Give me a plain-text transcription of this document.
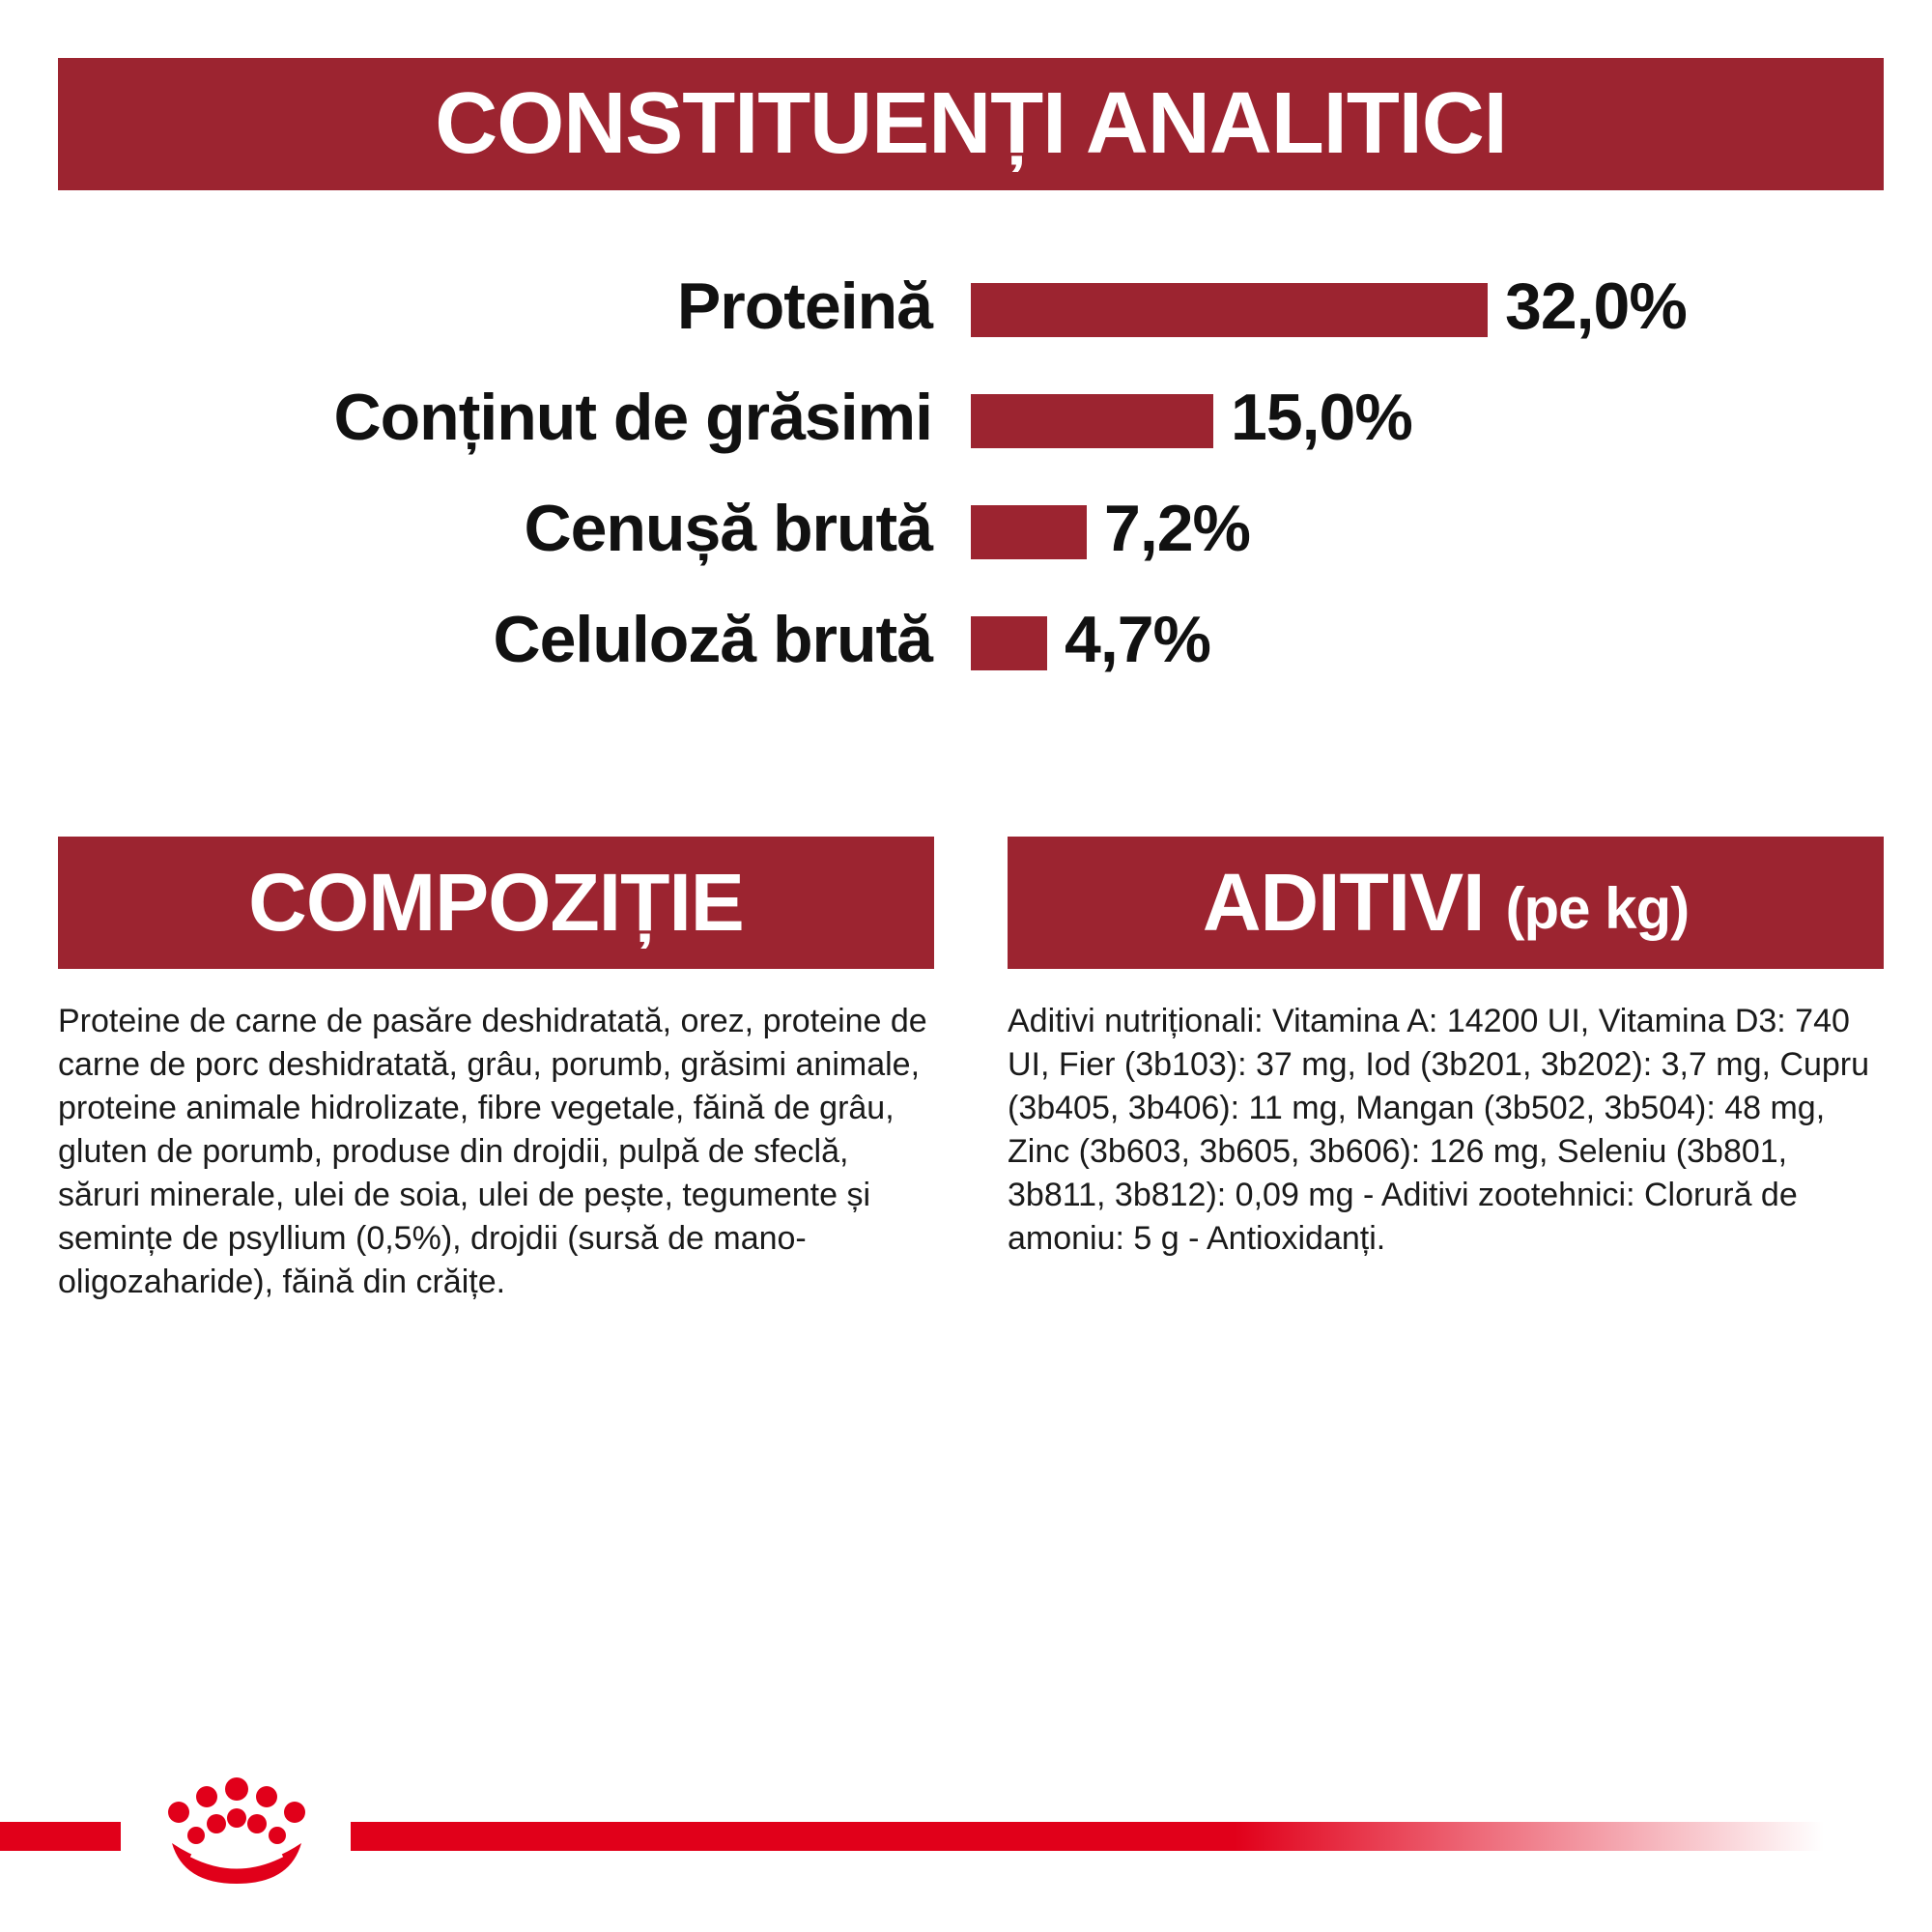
CONSTITUENȚI ANALITICI
Proteină	32,0%
Conținut de grăsimi	15,0%
Cenușă brută	7,2%
Celuloză brută 4,7%
COMPOZIȚIE	ADITIVI (pe kg)
Proteine de carne de pasăre deshidratată, orez, proteine de carne de porc deshidratată, grâu, porumb, grăsimi animale, proteine animale hidrolizate, fibre vegetale, făină de grâu, gluten de porumb, produse din drojdii, pulpă de sfeclă, săruri minerale, ulei de soia, ulei de pește, tegumente și semințe de psyllium (0,5%), drojdii (sursă de mano-oligozaharide), făină din crăițe.
Aditivi nutriționali: Vitamina A: 14200 UI, Vitamina D3: 740 UI, Fier (3b103): 37 mg, Iod (3b201, 3b202): 3,7 mg, Cupru (3b405, 3b406): 11 mg, Mangan (3b502, 3b504): 48 mg, Zinc (3b603, 3b605, 3b606): 126 mg, Seleniu (3b801, 3b811, 3b812): 0,09 mg - Aditivi zootehnici: Clorură de amoniu: 5 g - Antioxidanți.
